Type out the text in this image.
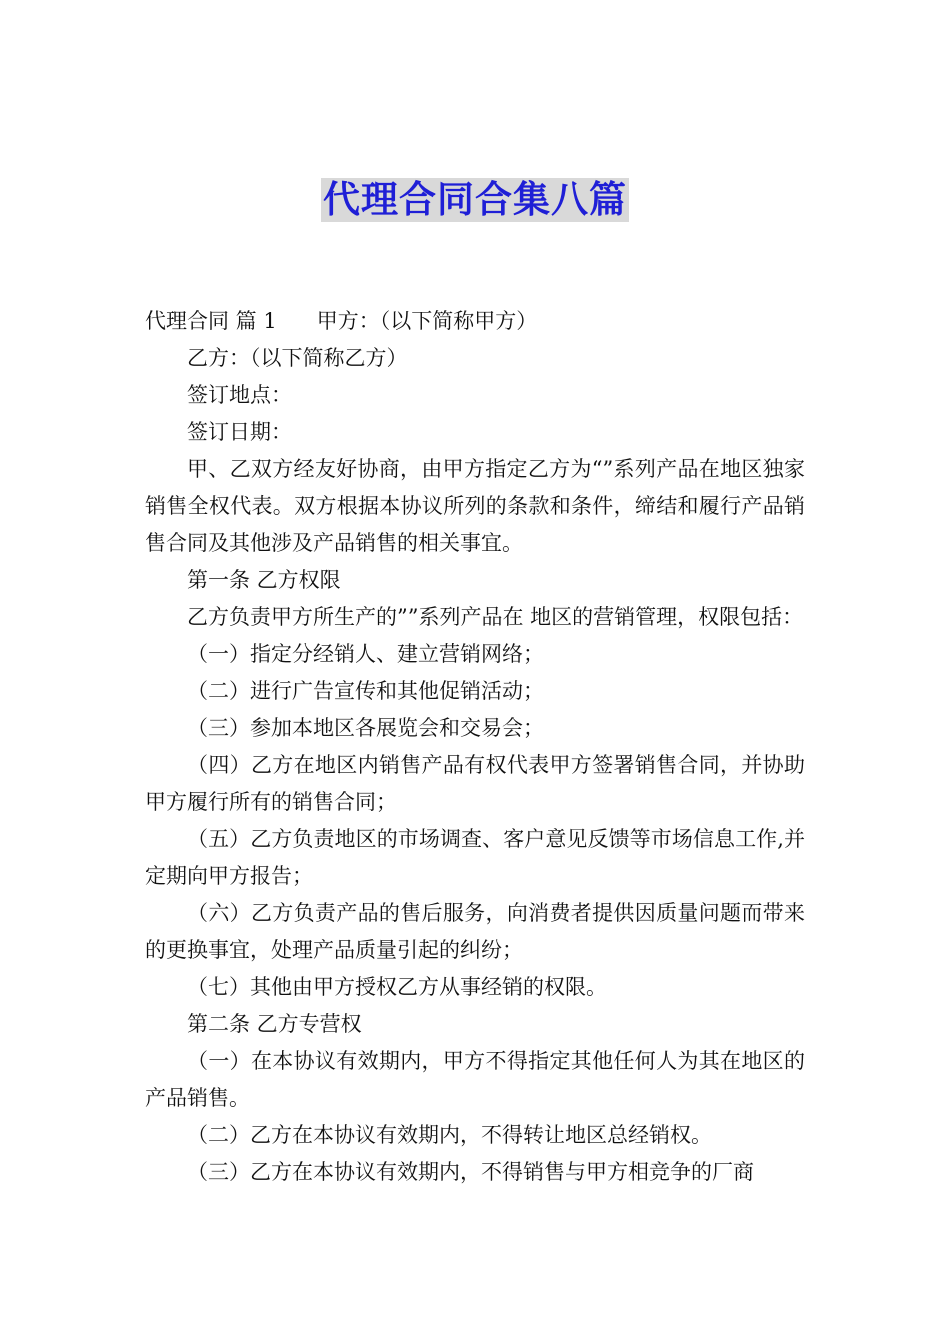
代理合同合集八篇

代理合同 篇 1 甲方：（以下简称甲方）

乙方：（以下简称乙方）

签订地点：

签订日期：

甲、乙双方经友好协商，由甲方指定乙方为“”系列产品在地区独家销售全权代表。双方根据本协议所列的条款和条件，缔结和履行产品销售合同及其他涉及产品销售的相关事宜。

第一条 乙方权限

乙方负责甲方所生产的””系列产品在 地区的营销管理，权限包括：

（一）指定分经销人、建立营销网络；

（二）进行广告宣传和其他促销活动；

（三）参加本地区各展览会和交易会；

（四）乙方在地区内销售产品有权代表甲方签署销售合同，并协助甲方履行所有的销售合同；

（五）乙方负责地区的市场调查、客户意见反馈等市场信息工作,并定期向甲方报告；

（六）乙方负责产品的售后服务，向消费者提供因质量问题而带来的更换事宜，处理产品质量引起的纠纷；

（七）其他由甲方授权乙方从事经销的权限。

第二条 乙方专营权

（一）在本协议有效期内，甲方不得指定其他任何人为其在地区的产品销售。

（二）乙方在本协议有效期内，不得转让地区总经销权。

（三）乙方在本协议有效期内，不得销售与甲方相竞争的厂商
